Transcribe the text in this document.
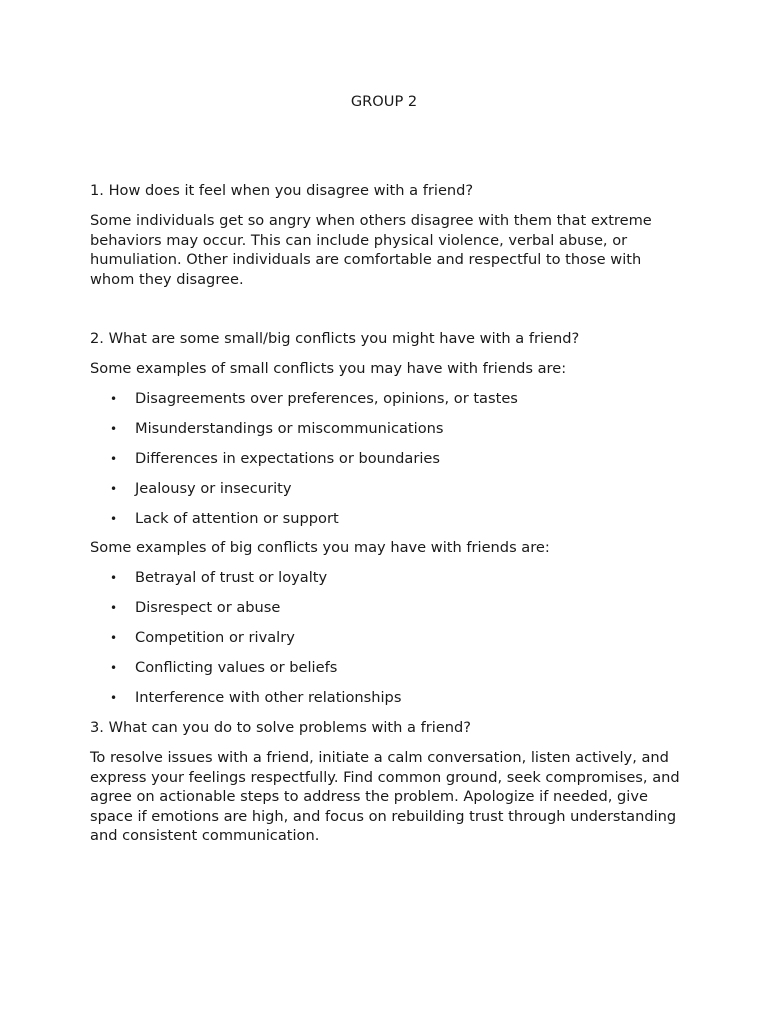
GROUP 2
1. How does it feel when you disagree with a friend?

Some individuals get so angry when others disagree with them that extreme behaviors may occur. This can include physical violence, verbal abuse, or humuliation. Other individuals are comfortable and respectful to those with whom they disagree.

2. What are some small/big conflicts you might have with a friend?
Some examples of small conflicts you may have with friends are:
• Disagreements over preferences, opinions, or tastes
• Misunderstandings or miscommunications
• Differences in expectations or boundaries
• Jealousy or insecurity
• Lack of attention or support
Some examples of big conflicts you may have with friends are:
• Betrayal of trust or loyalty
• Disrespect or abuse
• Competition or rivalry
• Conflicting values or beliefs
• Interference with other relationships
3. What can you do to solve problems with a friend?

To resolve issues with a friend, initiate a calm conversation, listen actively, and express your feelings respectfully. Find common ground, seek compromises, and agree on actionable steps to address the problem. Apologize if needed, give space if emotions are high, and focus on rebuilding trust through understanding and consistent communication.
